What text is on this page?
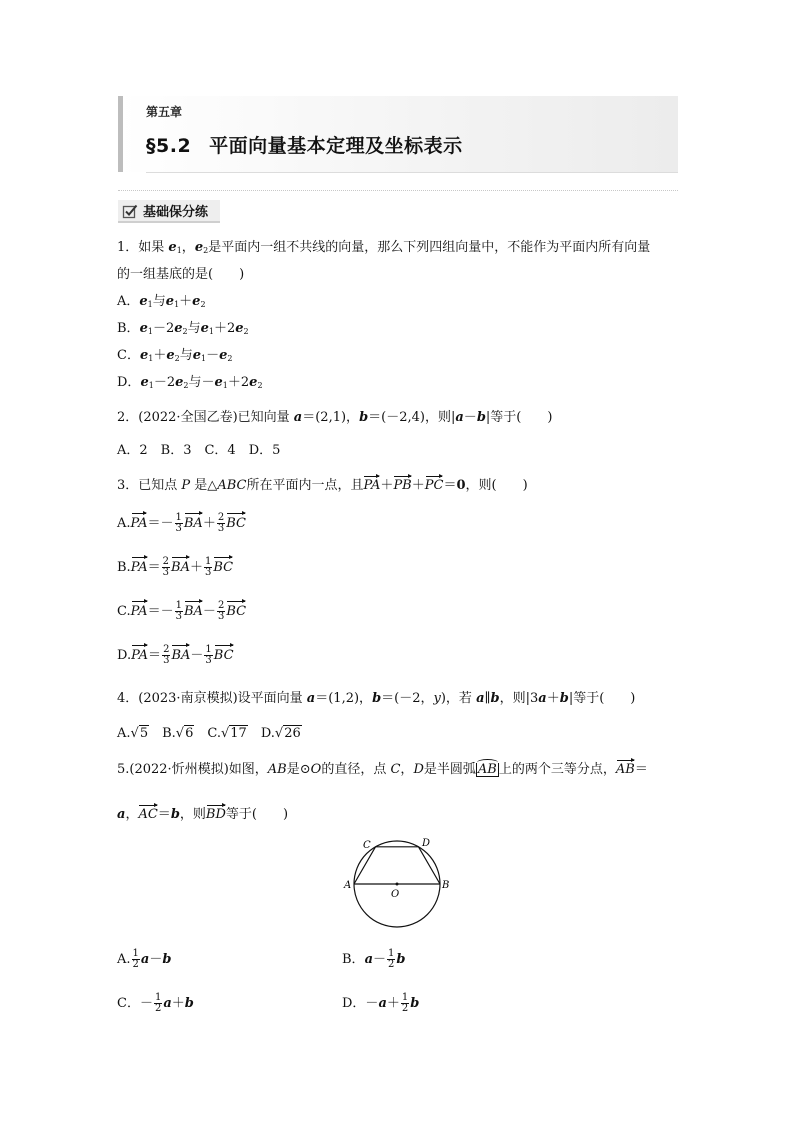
第五章
§5.2 平面向量基本定理及坐标表示
基础保分练
1．如果 $e_1$，$e_2$是平面内一组不共线的向量，那么下列四组向量中，不能作为平面内所有向量
的一组基底的是(　　)
A．$e_1$与$e_1+e_2$
B．$e_1-2e_2$与$e_1+2e_2$
C．$e_1+e_2$与$e_1-e_2$
D．$e_1-2e_2$与$-e_1+2e_2$
2．(2022·全国乙卷)已知向量 a＝(2,1)，b＝(－2,4)，则|a－b|等于(　　)
A．2　B．3　C．4　D．5
3．已知点 P 是△ABC所在平面内一点，且PA＋PB＋PC＝0，则(　　)
$A.PA=- \frac{1}{3} BA+ \frac{2}{3}$ BC
$B.PA= \frac{2}{3} BA+ \frac{1}{3}$ BC
$C.PA=- \frac{1}{3} BA- \frac{2}{3}$ BC
$D.PA= \frac{2}{3} BA- \frac{1}{3}$ BC
4．(2023·南京模拟)设平面向量 a＝(1,2)，b＝(－2，y)，若 a∥b，则|3a＋b|等于(　　)
A.√5　B.√6　C.√17　D.√26
5.(2022·忻州模拟)如图，AB是⊙O的直径，点 C，D是半圆弧 AB 上的两个三等分点，AB＝
a，AC＝b，则BD等于(　　)
A	B
C	D
O
A. $\frac{1}{2} a-b$	B．$a- \frac{1}{2}$ b
C．－ $\frac{1}{2} a+b$	D．$-a+ \frac{1}{2}$ b
